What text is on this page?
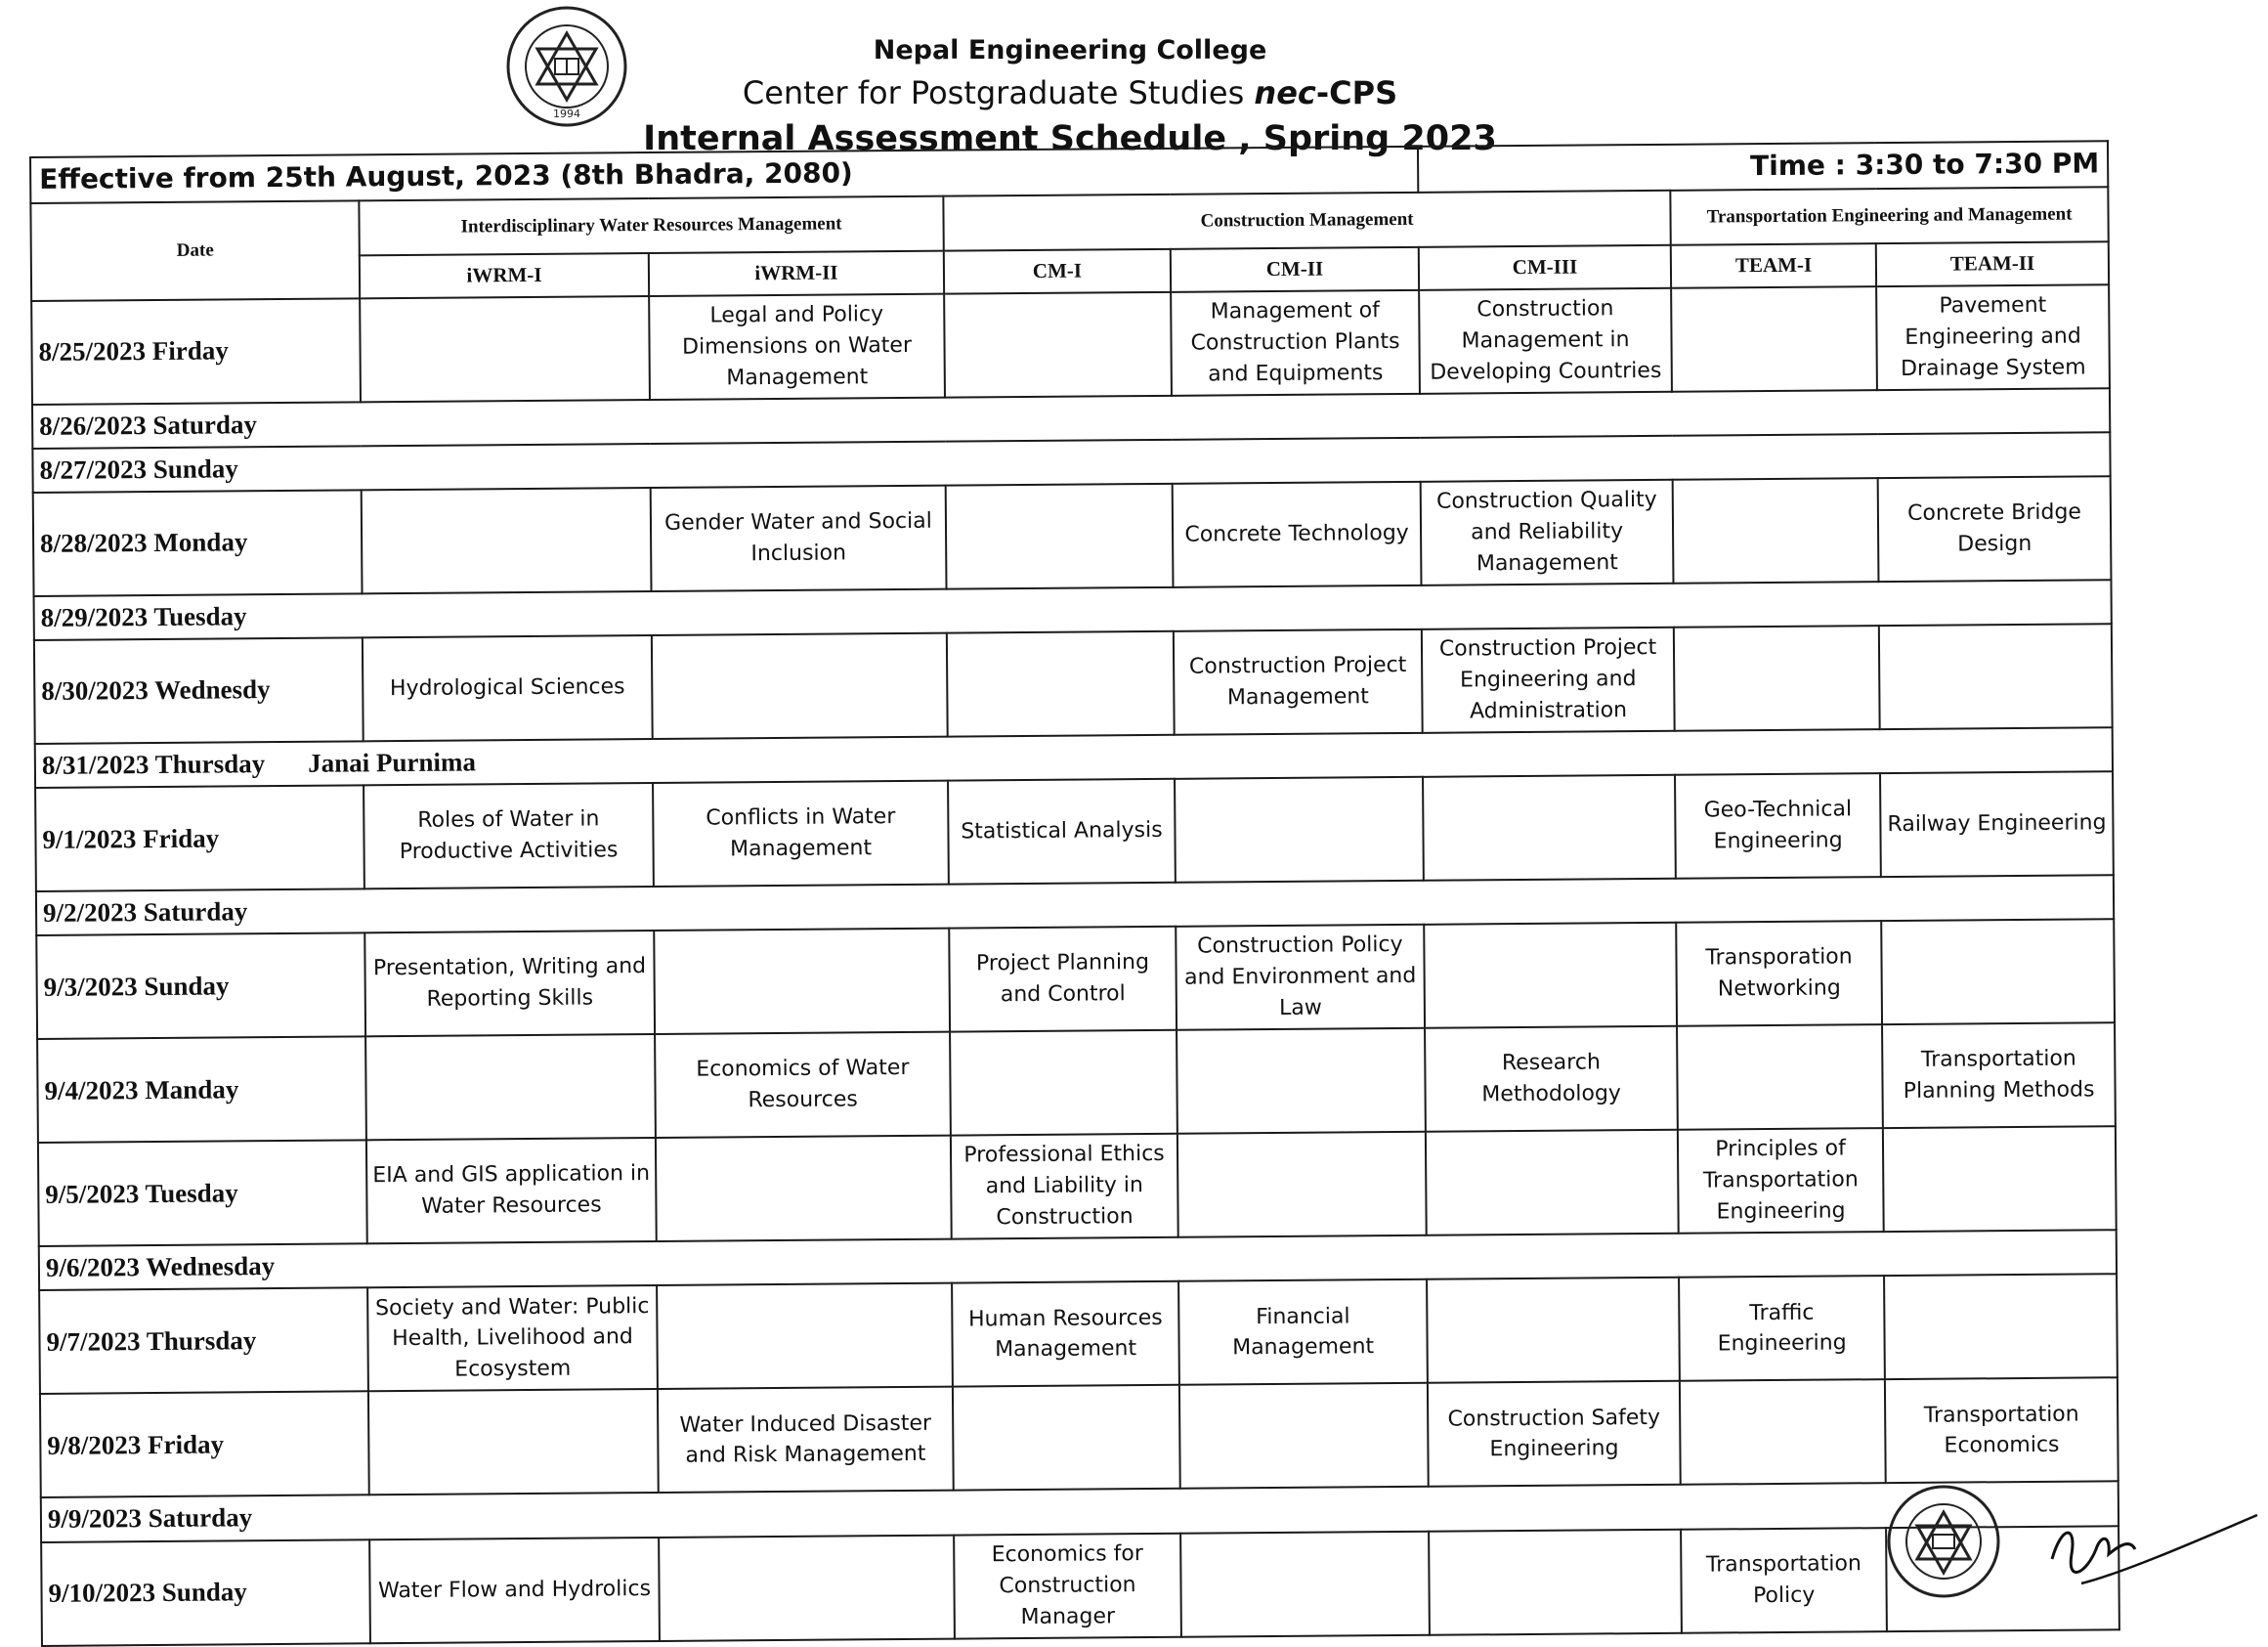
1994
Nepal Engineering College
Center for Postgraduate Studies nec-CPS
Internal Assessment Schedule , Spring 2023
Effective from 25th August, 2023 (8th Bhadra, 2080)					Time : 3:30 to 7:30 PM		
Date	Interdisciplinary Water Resources Management		Construction Management			Transportation Engineering and Management	
	iWRM-I	iWRM-II	CM-I	CM-II	CM-III	TEAM-I	TEAM-II
8/25/2023 Firday		Legal and Policy Dimensions on Water Management		Management of Construction Plants and Equipments	Construction Management in Developing Countries		Pavement Engineering and Drainage System
8/26/2023 Saturday							
8/27/2023 Sunday							
8/28/2023 Monday		Gender Water and Social Inclusion		Concrete Technology	Construction Quality and Reliability Management		Concrete Bridge Design
8/29/2023 Tuesday							
8/30/2023 Wednesdy	Hydrological Sciences			Construction Project Management	Construction Project Engineering and Administration		
8/31/2023 Thursday Janai Purnima							
9/1/2023 Friday	Roles of Water in Productive Activities	Conflicts in Water Management	Statistical Analysis			Geo-Technical Engineering	Railway Engineering
9/2/2023 Saturday							
9/3/2023 Sunday	Presentation, Writing and Reporting Skills		Project Planning and Control	Construction Policy and Environment and Law		Transporation Networking	
9/4/2023 Manday		Economics of Water Resources			Research Methodology		Transportation Planning Methods
9/5/2023 Tuesday	EIA and GIS application in Water Resources		Professional Ethics and Liability in Construction			Principles of Transportation Engineering	
9/6/2023 Wednesday							
9/7/2023 Thursday	Society and Water: Public Health, Livelihood and Ecosystem		Human Resources Management	Financial Management		Traffic Engineering	
9/8/2023 Friday		Water Induced Disaster and Risk Management			Construction Safety Engineering		Transportation Economics
9/9/2023 Saturday							
9/10/2023 Sunday	Water Flow and Hydrolics		Economics for Construction Manager			Transportation Policy	
